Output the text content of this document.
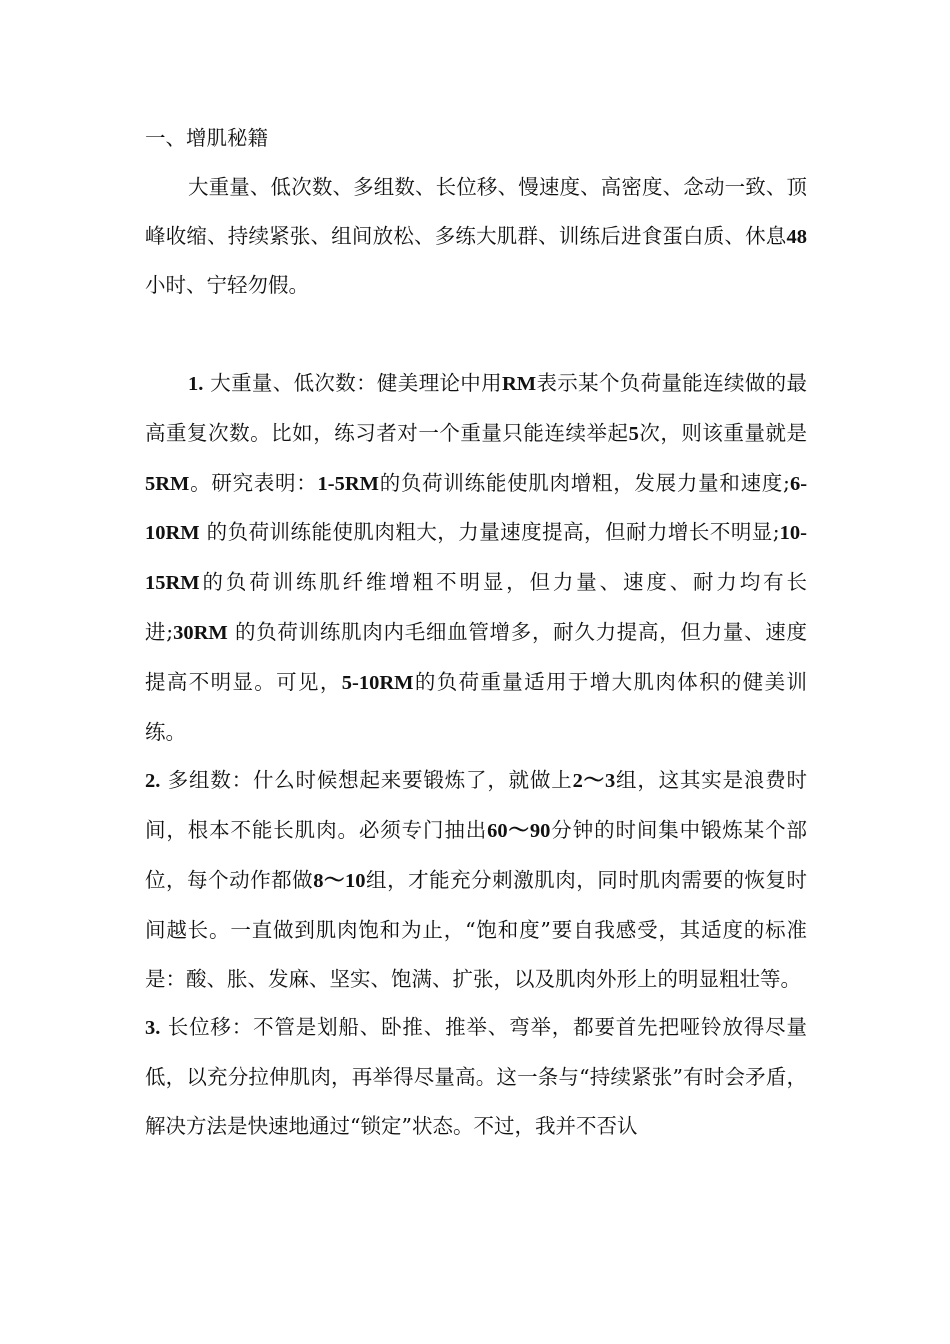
一、增肌秘籍

大重量、低次数、多组数、长位移、慢速度、高密度、念动一致、顶峰收缩、持续紧张、组间放松、多练大肌群、训练后进食蛋白质、休息48小时、宁轻勿假。

1. 大重量、低次数：健美理论中用RM表示某个负荷量能连续做的最高重复次数。比如，练习者对一个重量只能连续举起5次，则该重量就是5RM。研究表明：1-5RM的负荷训练能使肌肉增粗，发展力量和速度;6-10RM 的负荷训练能使肌肉粗大，力量速度提高，但耐力增长不明显;10-15RM的负荷训练肌纤维增粗不明显，但力量、速度、耐力均有长进;30RM 的负荷训练肌肉内毛细血管增多，耐久力提高，但力量、速度提高不明显。可见，5-10RM的负荷重量适用于增大肌肉体积的健美训练。

2. 多组数：什么时候想起来要锻炼了，就做上2～3组，这其实是浪费时间，根本不能长肌肉。必须专门抽出60～90分钟的时间集中锻炼某个部位，每个动作都做8～10组，才能充分刺激肌肉，同时肌肉需要的恢复时间越长。一直做到肌肉饱和为止，“饱和度”要自我感受，其适度的标准是：酸、胀、发麻、坚实、饱满、扩张，以及肌肉外形上的明显粗壮等。

3. 长位移：不管是划船、卧推、推举、弯举，都要首先把哑铃放得尽量低，以充分拉伸肌肉，再举得尽量高。这一条与“持续紧张”有时会矛盾，解决方法是快速地通过“锁定”状态。不过，我并不否认
